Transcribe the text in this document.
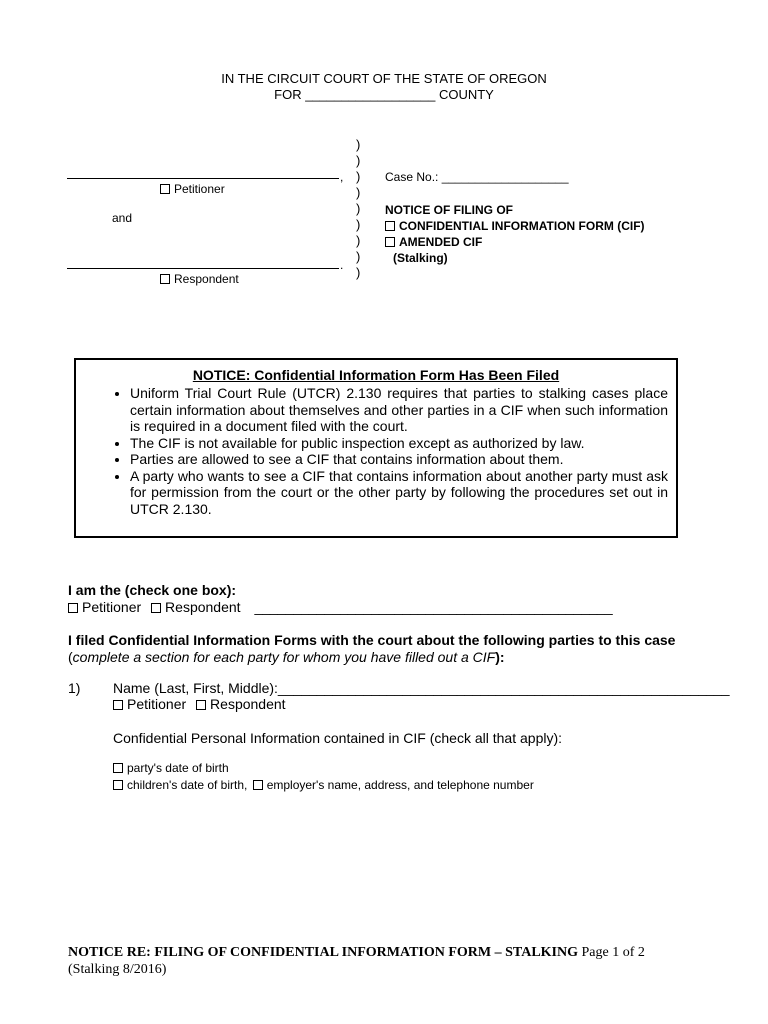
IN THE CIRCUIT COURT OF THE STATE OF OREGON
FOR __________________ COUNTY
,
Petitioner
and
.
Respondent
)
)
)
)
)
)
)
)
)
Case No.: ___________________
NOTICE OF FILING OF
CONFIDENTIAL INFORMATION FORM (CIF)
AMENDED CIF
(Stalking)
NOTICE: Confidential Information Form Has Been Filed
• Uniform Trial Court Rule (UTCR) 2.130 requires that parties to stalking cases place certain information about themselves and other parties in a CIF when such information is required in a document filed with the court.
• The CIF is not available for public inspection except as authorized by law.
• Parties are allowed to see a CIF that contains information about them.
• A party who wants to see a CIF that contains information about another party must ask for permission from the court or the other party by following the procedures set out in UTCR 2.130.
I am the (check one box):
Petitioner Respondent ______________________________________________
I filed Confidential Information Forms with the court about the following parties to this case
(complete a section for each party for whom you have filled out a CIF):
1) Name (Last, First, Middle):__________________________________________________________
Petitioner Respondent
Confidential Personal Information contained in CIF (check all that apply):
party's date of birth
children's date of birth, employer's name, address, and telephone number
NOTICE RE: FILING OF CONFIDENTIAL INFORMATION FORM – STALKING Page 1 of 2
(Stalking 8/2016)
